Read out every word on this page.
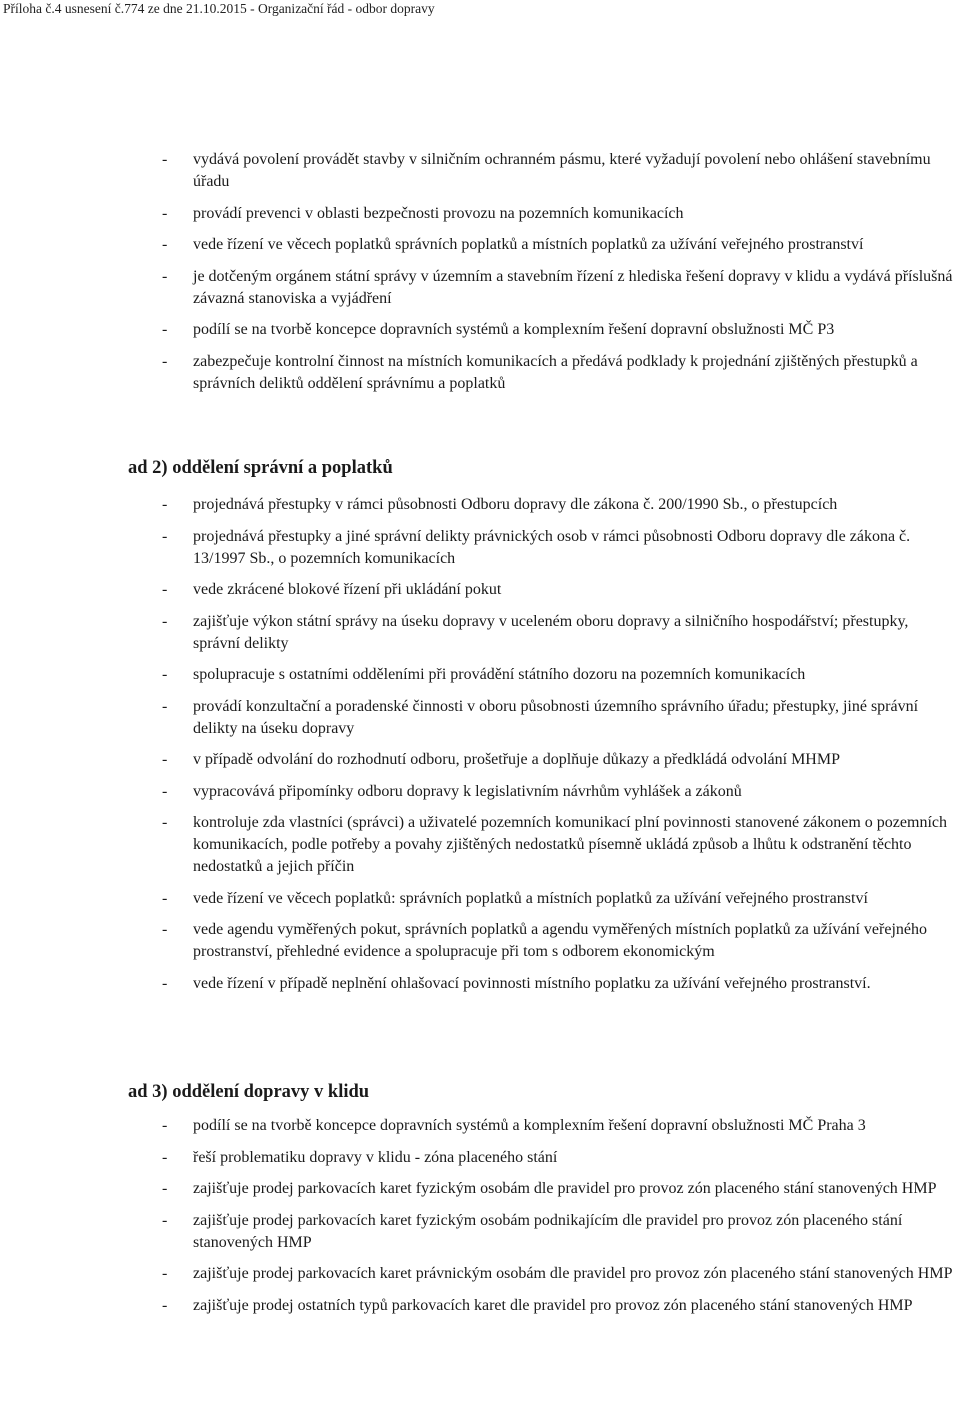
Příloha č.4 usnesení č.774 ze dne 21.10.2015 - Organizační řád - odbor dopravy
- vydává povolení provádět stavby v silničním ochranném pásmu, které vyžadují povolení nebo ohlášení stavebnímu úřadu
- provádí prevenci v oblasti bezpečnosti provozu na pozemních komunikacích
- vede řízení ve věcech poplatků správních poplatků a místních poplatků za užívání veřejného prostranství
- je dotčeným orgánem státní správy v územním a stavebním řízení z hlediska řešení dopravy v klidu a vydává příslušná závazná stanoviska a vyjádření
- podílí se na tvorbě koncepce dopravních systémů a komplexním řešení dopravní obslužnosti MČ P3
- zabezpečuje kontrolní činnost na místních komunikacích a předává podklady k projednání zjištěných přestupků a správních deliktů oddělení správnímu a poplatků
ad 2) oddělení správní a poplatků
- projednává přestupky v rámci působnosti Odboru dopravy dle zákona č. 200/1990 Sb., o přestupcích
- projednává přestupky a jiné správní delikty právnických osob v rámci působnosti Odboru dopravy dle zákona č. 13/1997 Sb., o pozemních komunikacích
- vede zkrácené blokové řízení při ukládání pokut
- zajišťuje výkon státní správy na úseku dopravy v uceleném oboru dopravy a silničního hospodářství; přestupky, správní delikty
- spolupracuje s ostatními odděleními při provádění státního dozoru na pozemních komunikacích
- provádí konzultační a poradenské činnosti v oboru působnosti územního správního úřadu; přestupky, jiné správní delikty na úseku dopravy
- v případě odvolání do rozhodnutí odboru, prošetřuje a doplňuje důkazy a předkládá odvolání MHMP
- vypracovává připomínky odboru dopravy k legislativním návrhům vyhlášek a zákonů
- kontroluje zda vlastníci (správci) a uživatelé pozemních komunikací plní povinnosti stanovené zákonem o pozemních komunikacích, podle potřeby a povahy zjištěných nedostatků písemně ukládá způsob a lhůtu k odstranění těchto nedostatků a jejich příčin
- vede řízení ve věcech poplatků: správních poplatků a místních poplatků za užívání veřejného prostranství
- vede agendu vyměřených pokut, správních poplatků a agendu vyměřených místních poplatků za užívání veřejného prostranství, přehledné evidence a spolupracuje při tom s odborem ekonomickým
- vede řízení v případě neplnění ohlašovací povinnosti místního poplatku za užívání veřejného prostranství.
ad 3) oddělení dopravy v klidu
- podílí se na tvorbě koncepce dopravních systémů a komplexním řešení dopravní obslužnosti MČ Praha 3
- řeší problematiku dopravy v klidu - zóna placeného stání
- zajišťuje prodej parkovacích karet fyzickým osobám dle pravidel pro provoz zón placeného stání stanovených HMP
- zajišťuje prodej parkovacích karet fyzickým osobám podnikajícím dle pravidel pro provoz zón placeného stání stanovených HMP
- zajišťuje prodej parkovacích karet právnickým osobám dle pravidel pro provoz zón placeného stání stanovených HMP
- zajišťuje prodej ostatních typů parkovacích karet dle pravidel pro provoz zón placeného stání stanovených HMP
